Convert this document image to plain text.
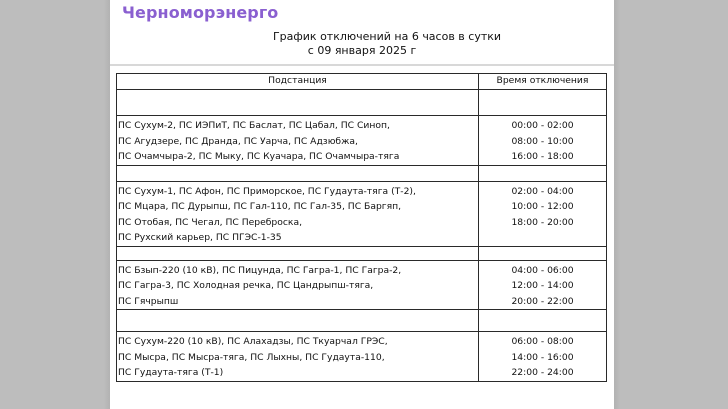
Черноморэнерго
График отключений на 6 часов в сутки
с 09 января 2025 г
Подстанция	Время отключения

ПС Сухум-2, ПС ИЭПиТ, ПС Баслат, ПС Цабал, ПС Синоп,
ПС Агудзере, ПС Дранда, ПС Уарча, ПС Адзюбжа,
ПС Очамчыра-2, ПС Мыку, ПС Куачара, ПС Очамчыра-тяга	00:00 - 02:00
08:00 - 10:00
16:00 - 18:00

ПС Сухум-1, ПС Афон, ПС Приморское, ПС Гудаута-тяга (Т-2),
ПС Мцара, ПС Дурыпш, ПС Гал-110, ПС Гал-35, ПС Баргяп,
ПС Отобая, ПС Чегал, ПС Переброска,
ПС Рухский карьер, ПС ПГЭС-1-35	02:00 - 04:00
10:00 - 12:00
18:00 - 20:00

ПС Бзып-220 (10 кВ), ПС Пицунда, ПС Гагра-1, ПС Гагра-2,
ПС Гагра-3, ПС Холодная речка, ПС Цандрыпш-тяга,
ПС Гячрыпш	04:00 - 06:00
12:00 - 14:00
20:00 - 22:00

ПС Сухум-220 (10 кВ), ПС Алахадзы, ПС Ткуарчал ГРЭС,
ПС Мысра, ПС Мысра-тяга, ПС Лыхны, ПС Гудаута-110,
ПС Гудаута-тяга (Т-1)	06:00 - 08:00
14:00 - 16:00
22:00 - 24:00
